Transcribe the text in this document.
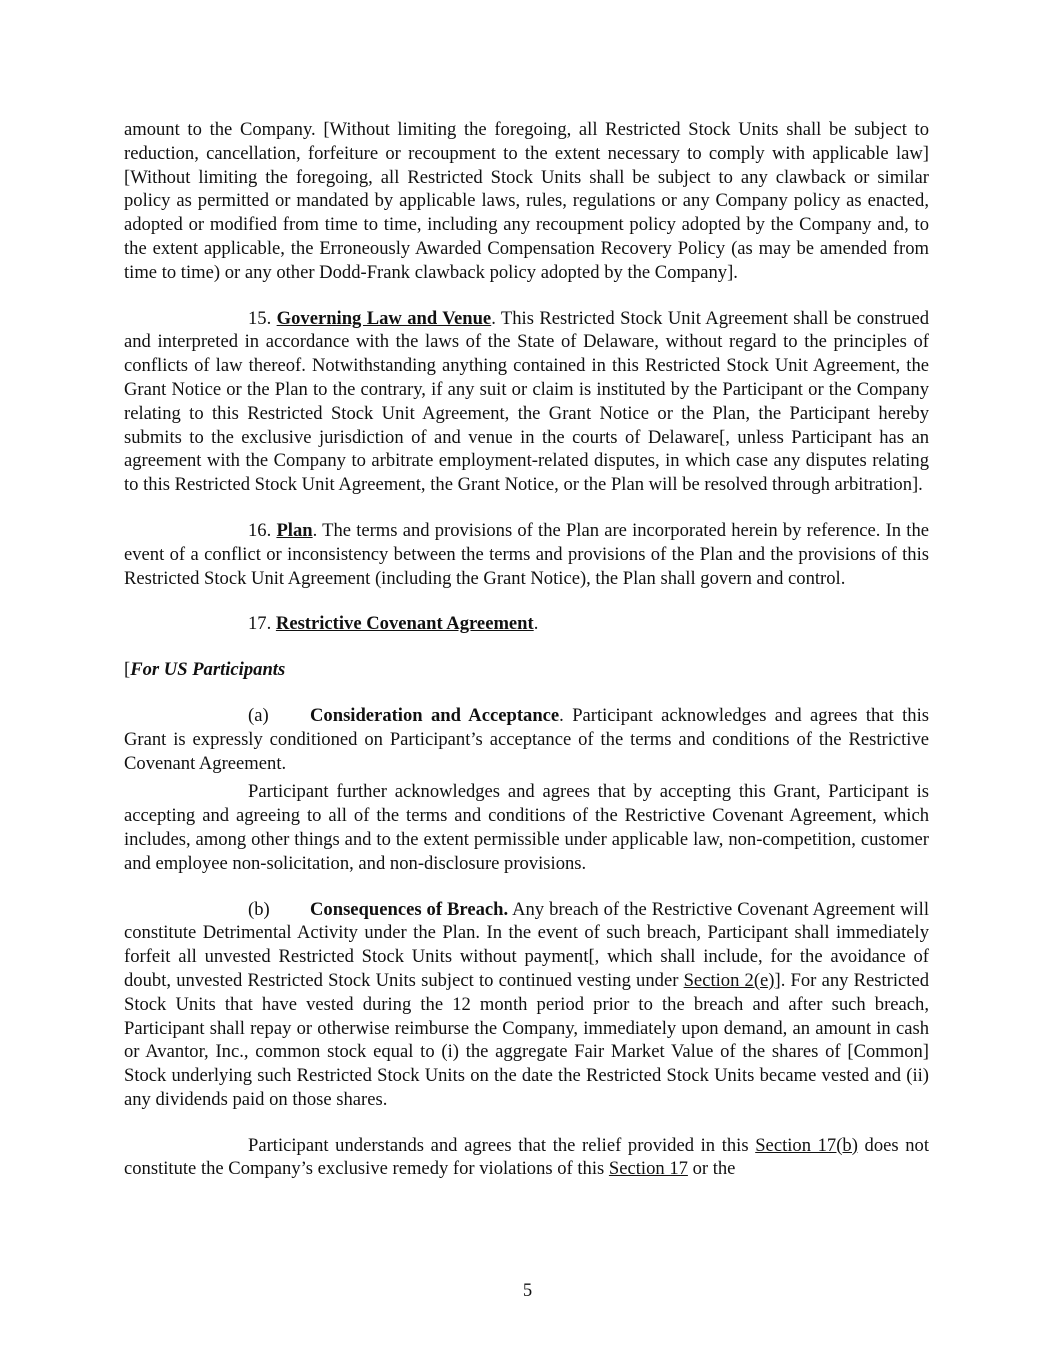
amount to the Company. [Without limiting the foregoing, all Restricted Stock Units shall be subject to reduction, cancellation, forfeiture or recoupment to the extent necessary to comply with applicable law] [Without limiting the foregoing, all Restricted Stock Units shall be subject to any clawback or similar policy as permitted or mandated by applicable laws, rules, regulations or any Company policy as enacted, adopted or modified from time to time, including any recoupment policy adopted by the Company and, to the extent applicable, the Erroneously Awarded Compensation Recovery Policy (as may be amended from time to time) or any other Dodd-Frank clawback policy adopted by the Company].

15. Governing Law and Venue. This Restricted Stock Unit Agreement shall be construed and interpreted in accordance with the laws of the State of Delaware, without regard to the principles of conflicts of law thereof. Notwithstanding anything contained in this Restricted Stock Unit Agreement, the Grant Notice or the Plan to the contrary, if any suit or claim is instituted by the Participant or the Company relating to this Restricted Stock Unit Agreement, the Grant Notice or the Plan, the Participant hereby submits to the exclusive jurisdiction of and venue in the courts of Delaware[, unless Participant has an agreement with the Company to arbitrate employment-related disputes, in which case any disputes relating to this Restricted Stock Unit Agreement, the Grant Notice, or the Plan will be resolved through arbitration].

16. Plan. The terms and provisions of the Plan are incorporated herein by reference. In the event of a conflict or inconsistency between the terms and provisions of the Plan and the provisions of this Restricted Stock Unit Agreement (including the Grant Notice), the Plan shall govern and control.

17. Restrictive Covenant Agreement.

[For US Participants

(a) Consideration and Acceptance. Participant acknowledges and agrees that this Grant is expressly conditioned on Participant’s acceptance of the terms and conditions of the Restrictive Covenant Agreement.

Participant further acknowledges and agrees that by accepting this Grant, Participant is accepting and agreeing to all of the terms and conditions of the Restrictive Covenant Agreement, which includes, among other things and to the extent permissible under applicable law, non-competition, customer and employee non-solicitation, and non-disclosure provisions.

(b) Consequences of Breach. Any breach of the Restrictive Covenant Agreement will constitute Detrimental Activity under the Plan. In the event of such breach, Participant shall immediately forfeit all unvested Restricted Stock Units without payment[, which shall include, for the avoidance of doubt, unvested Restricted Stock Units subject to continued vesting under Section 2(e)]. For any Restricted Stock Units that have vested during the 12 month period prior to the breach and after such breach, Participant shall repay or otherwise reimburse the Company, immediately upon demand, an amount in cash or Avantor, Inc., common stock equal to (i) the aggregate Fair Market Value of the shares of [Common] Stock underlying such Restricted Stock Units on the date the Restricted Stock Units became vested and (ii) any dividends paid on those shares.

Participant understands and agrees that the relief provided in this Section 17(b) does not constitute the Company’s exclusive remedy for violations of this Section 17 or the

5
